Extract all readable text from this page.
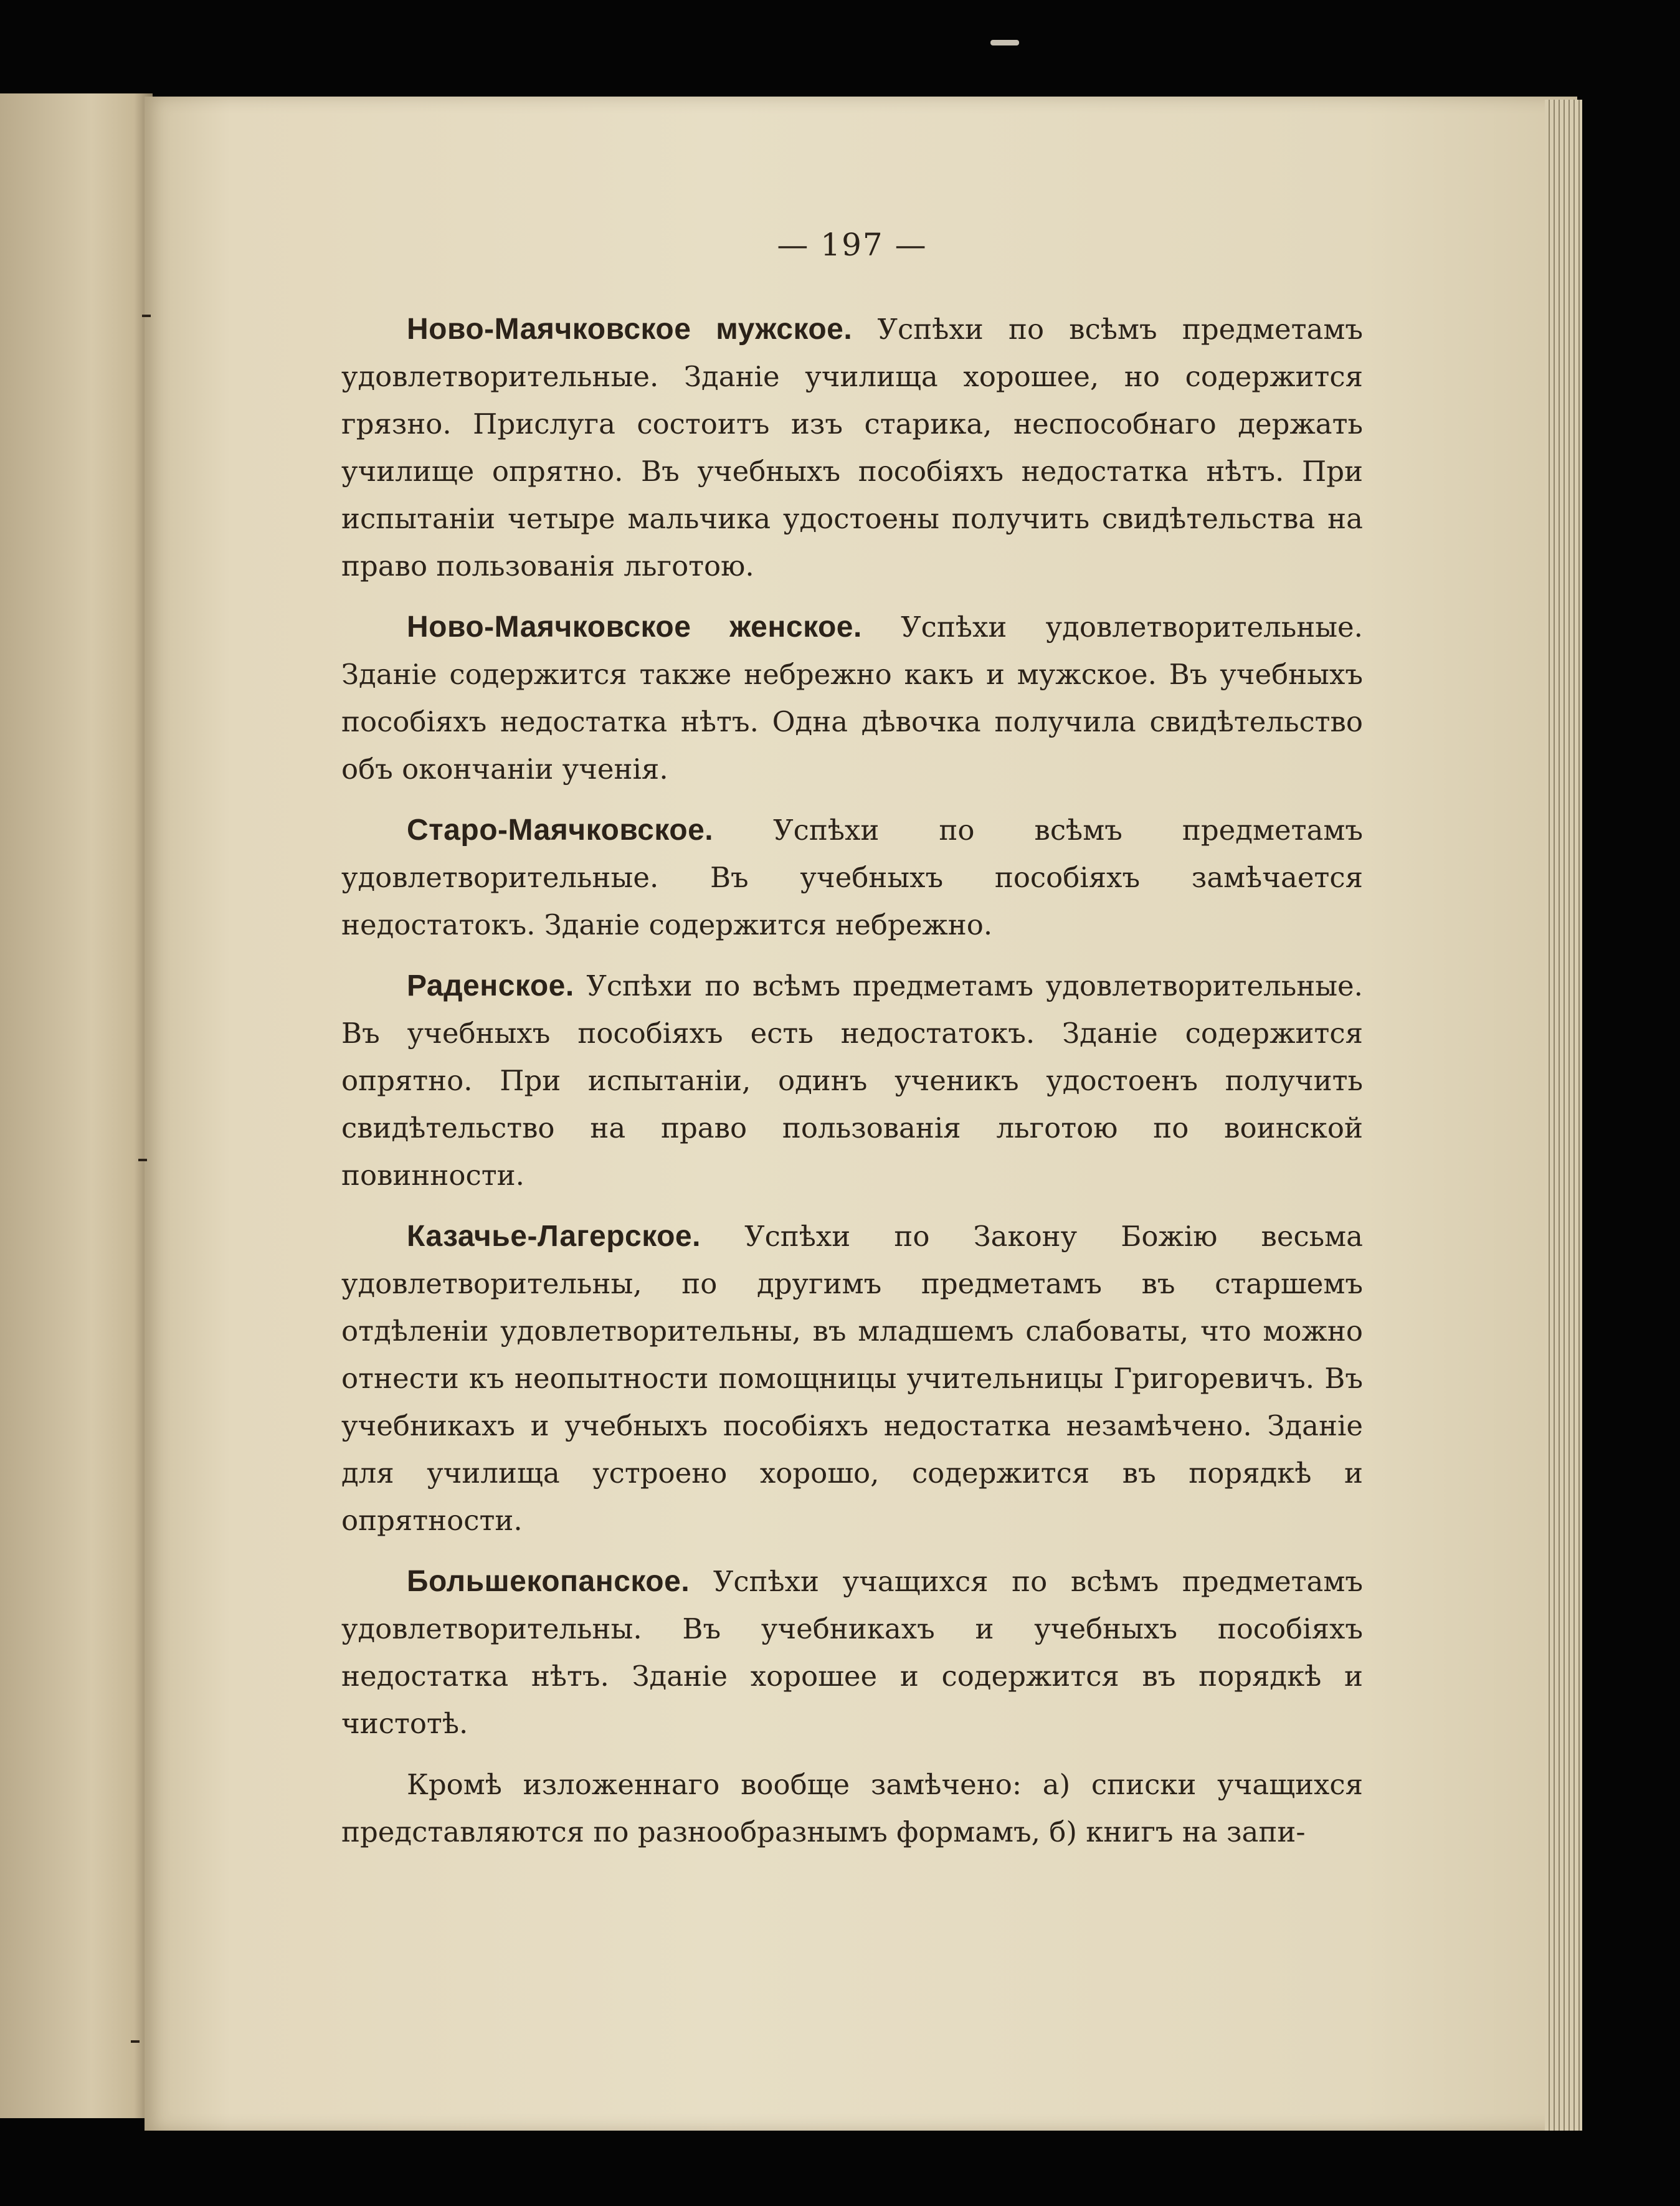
— 197 —

Ново-Маячковское мужское. Успѣхи по всѣмъ предметамъ удовлетворительные. Зданіе училища хорошее, но содержится грязно. Прислуга состоитъ изъ старика, неспособнаго держать училище опрятно. Въ учебныхъ пособіяхъ недостатка нѣтъ. При испытаніи четыре мальчика удостоены получить свидѣтельства на право пользованія льготою.

Ново-Маячковское женское. Успѣхи удовлетворительные. Зданіе содержится также небрежно какъ и мужское. Въ учебныхъ пособіяхъ недостатка нѣтъ. Одна дѣвочка получила свидѣтельство объ окончаніи ученія.

Старо-Маячковское. Успѣхи по всѣмъ предметамъ удовлетворительные. Въ учебныхъ пособіяхъ замѣчается недостатокъ. Зданіе содержится небрежно.

Раденское. Успѣхи по всѣмъ предметамъ удовлетворительные. Въ учебныхъ пособіяхъ есть недостатокъ. Зданіе содержится опрятно. При испытаніи, одинъ ученикъ удостоенъ получить свидѣтельство на право пользованія льготою по воинской повинности.

Казачье-Лагерское. Успѣхи по Закону Божію весьма удовлетворительны, по другимъ предметамъ въ старшемъ отдѣленіи удовлетворительны, въ младшемъ слабоваты, что можно отнести къ неопытности помощницы учительницы Григоревичъ. Въ учебникахъ и учебныхъ пособіяхъ недостатка незамѣчено. Зданіе для училища устроено хорошо, содержится въ порядкѣ и опрятности.

Большекопанское. Успѣхи учащихся по всѣмъ предметамъ удовлетворительны. Въ учебникахъ и учебныхъ пособіяхъ недостатка нѣтъ. Зданіе хорошее и содержится въ порядкѣ и чистотѣ.

Кромѣ изложеннаго вообще замѣчено: а) списки учащихся представляются по разнообразнымъ формамъ, б) книгъ на запи-
